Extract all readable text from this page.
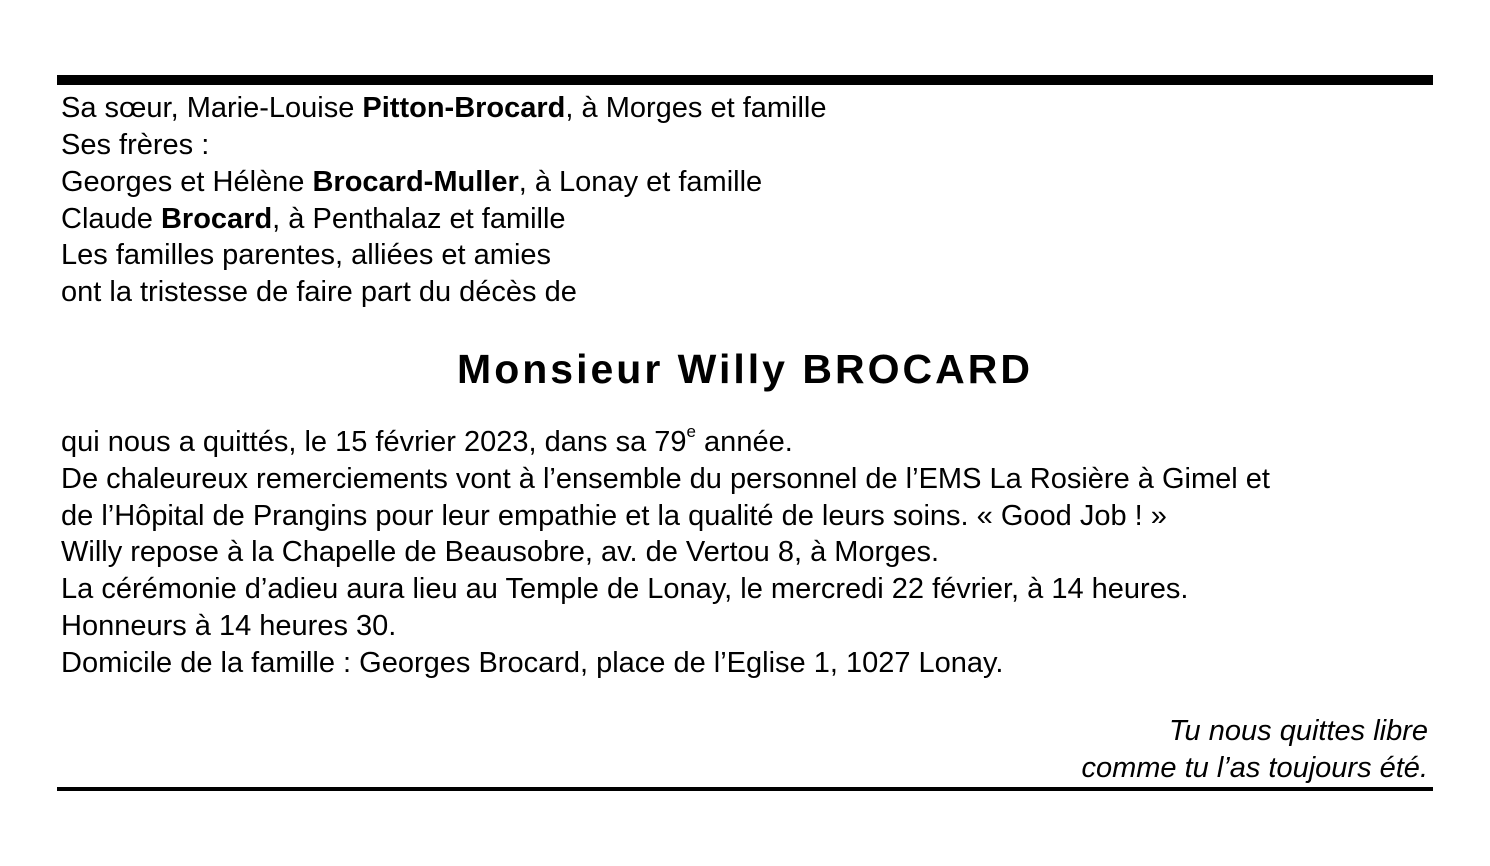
Sa sœur, Marie-Louise Pitton-Brocard, à Morges et famille
Ses frères :
Georges et Hélène Brocard-Muller, à Lonay et famille
Claude Brocard, à Penthalaz et famille
Les familles parentes, alliées et amies
ont la tristesse de faire part du décès de
Monsieur Willy BROCARD
qui nous a quittés, le 15 février 2023, dans sa 79e année.
De chaleureux remerciements vont à l’ensemble du personnel de l’EMS La Rosière à Gimel et
de l’Hôpital de Prangins pour leur empathie et la qualité de leurs soins. « Good Job ! »
Willy repose à la Chapelle de Beausobre, av. de Vertou 8, à Morges.
La cérémonie d’adieu aura lieu au Temple de Lonay, le mercredi 22 février, à 14 heures.
Honneurs à 14 heures 30.
Domicile de la famille : Georges Brocard, place de l’Eglise 1, 1027 Lonay.
Tu nous quittes libre
comme tu l’as toujours été.
